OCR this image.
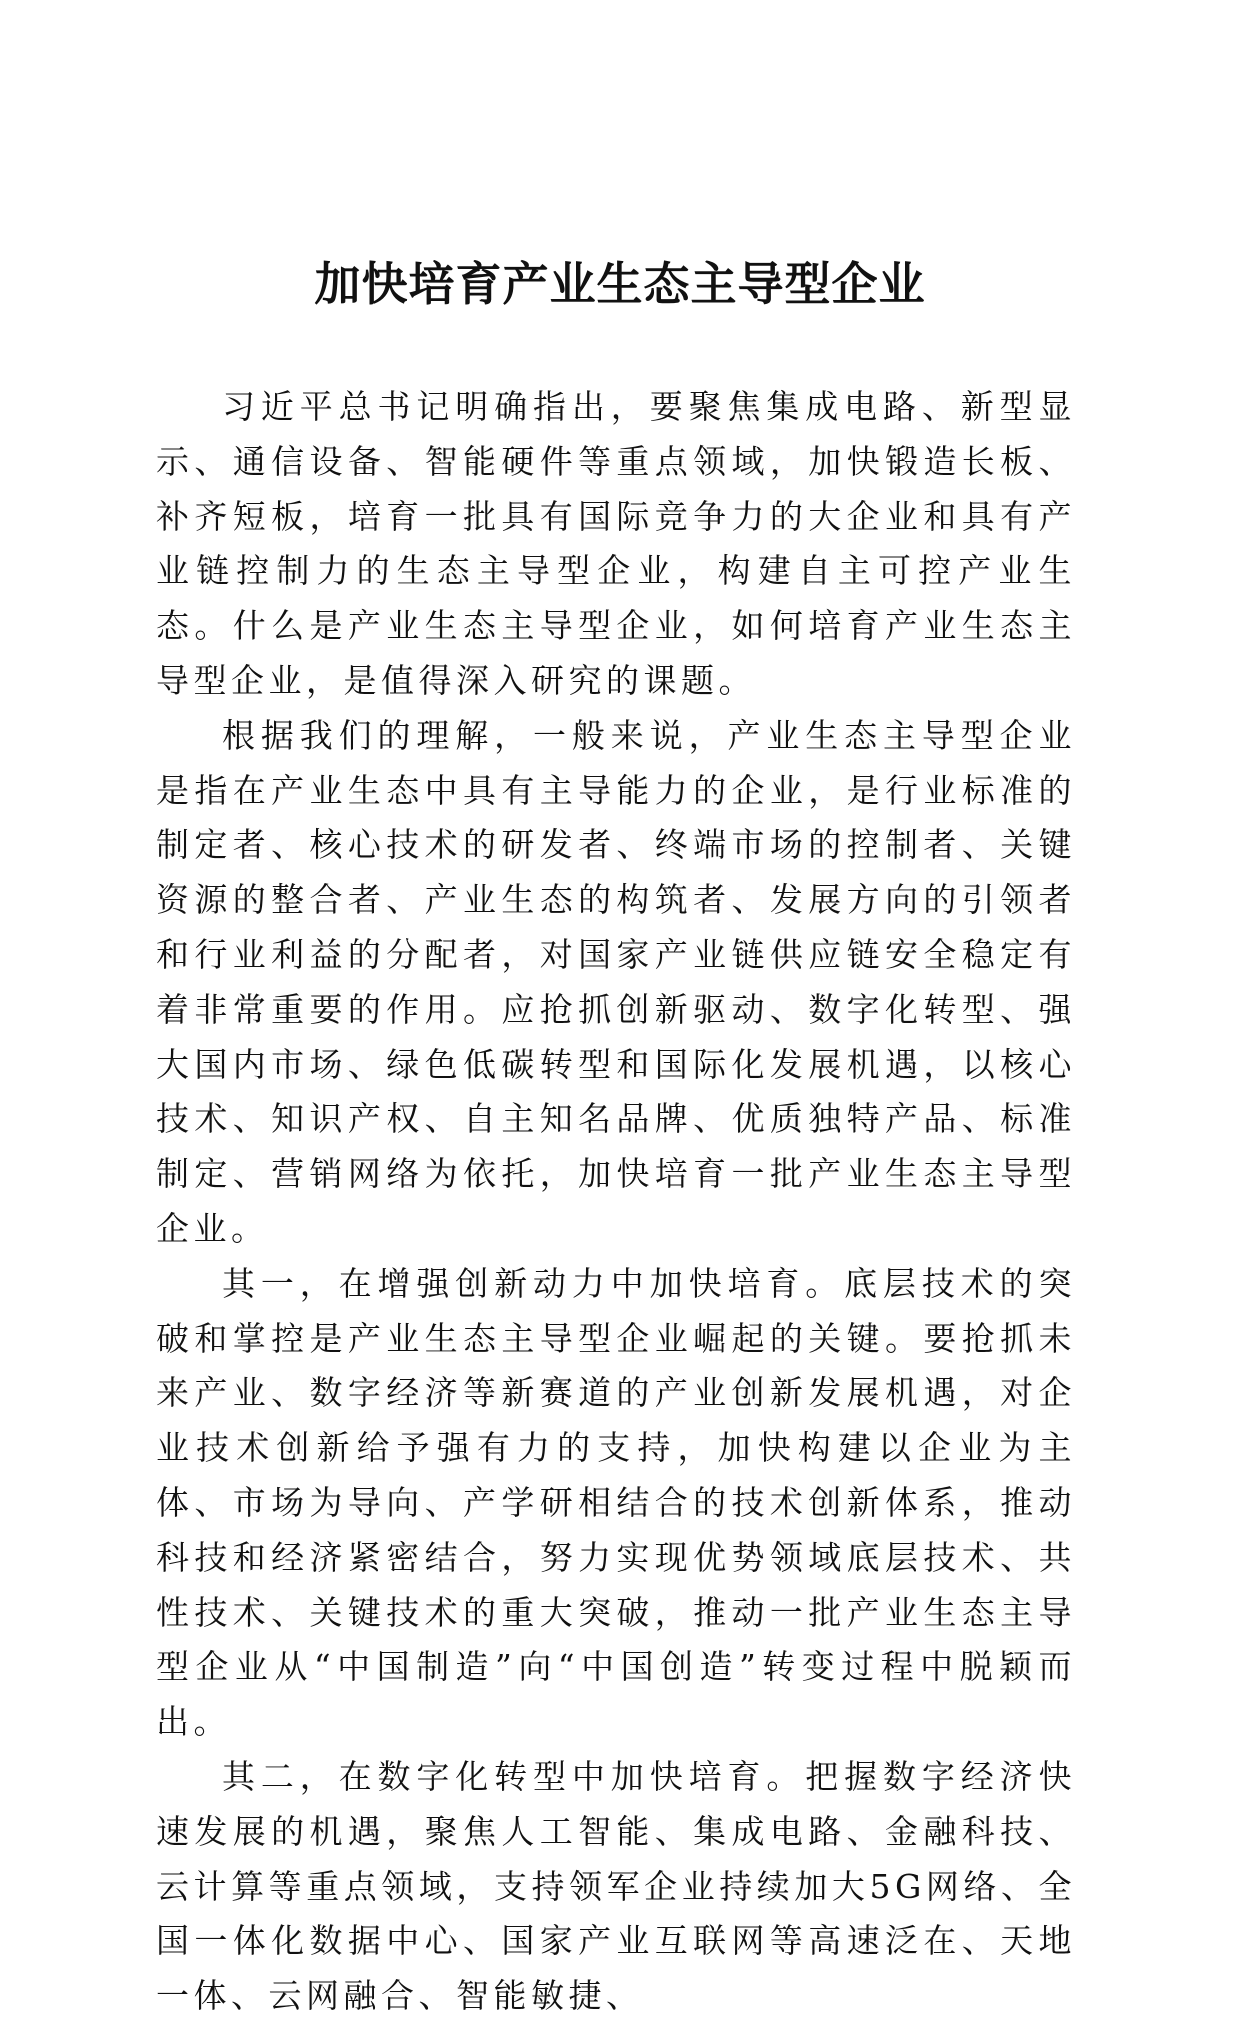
加快培育产业生态主导型企业

习近平总书记明确指出，要聚焦集成电路、新型显示、通信设备、智能硬件等重点领域，加快锻造长板、补齐短板，培育一批具有国际竞争力的大企业和具有产业链控制力的生态主导型企业，构建自主可控产业生态。什么是产业生态主导型企业，如何培育产业生态主导型企业，是值得深入研究的课题。

根据我们的理解，一般来说，产业生态主导型企业是指在产业生态中具有主导能力的企业，是行业标准的制定者、核心技术的研发者、终端市场的控制者、关键资源的整合者、产业生态的构筑者、发展方向的引领者和行业利益的分配者，对国家产业链供应链安全稳定有着非常重要的作用。应抢抓创新驱动、数字化转型、强大国内市场、绿色低碳转型和国际化发展机遇，以核心技术、知识产权、自主知名品牌、优质独特产品、标准制定、营销网络为依托，加快培育一批产业生态主导型企业。

其一，在增强创新动力中加快培育。底层技术的突破和掌控是产业生态主导型企业崛起的关键。要抢抓未来产业、数字经济等新赛道的产业创新发展机遇，对企业技术创新给予强有力的支持，加快构建以企业为主体、市场为导向、产学研相结合的技术创新体系，推动科技和经济紧密结合，努力实现优势领域底层技术、共性技术、关键技术的重大突破，推动一批产业生态主导型企业从“中国制造”向“中国创造”转变过程中脱颖而出。

其二，在数字化转型中加快培育。把握数字经济快速发展的机遇，聚焦人工智能、集成电路、金融科技、云计算等重点领域，支持领军企业持续加大5G网络、全国一体化数据中心、国家产业互联网等高速泛在、天地一体、云网融合、智能敏捷、
